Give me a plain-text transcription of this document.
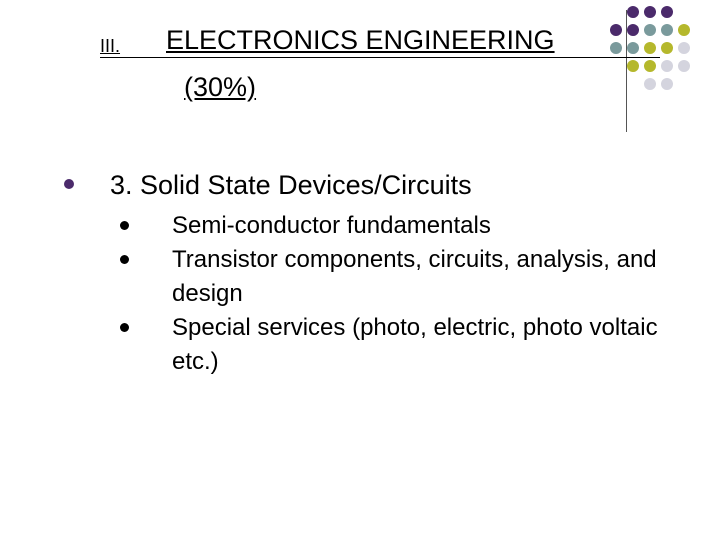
III. ELECTRONICS ENGINEERING
(30%)
3. Solid State Devices/Circuits
Semi-conductor fundamentals
Transistor components, circuits, analysis, and design
Special services (photo, electric, photo voltaic etc.)
